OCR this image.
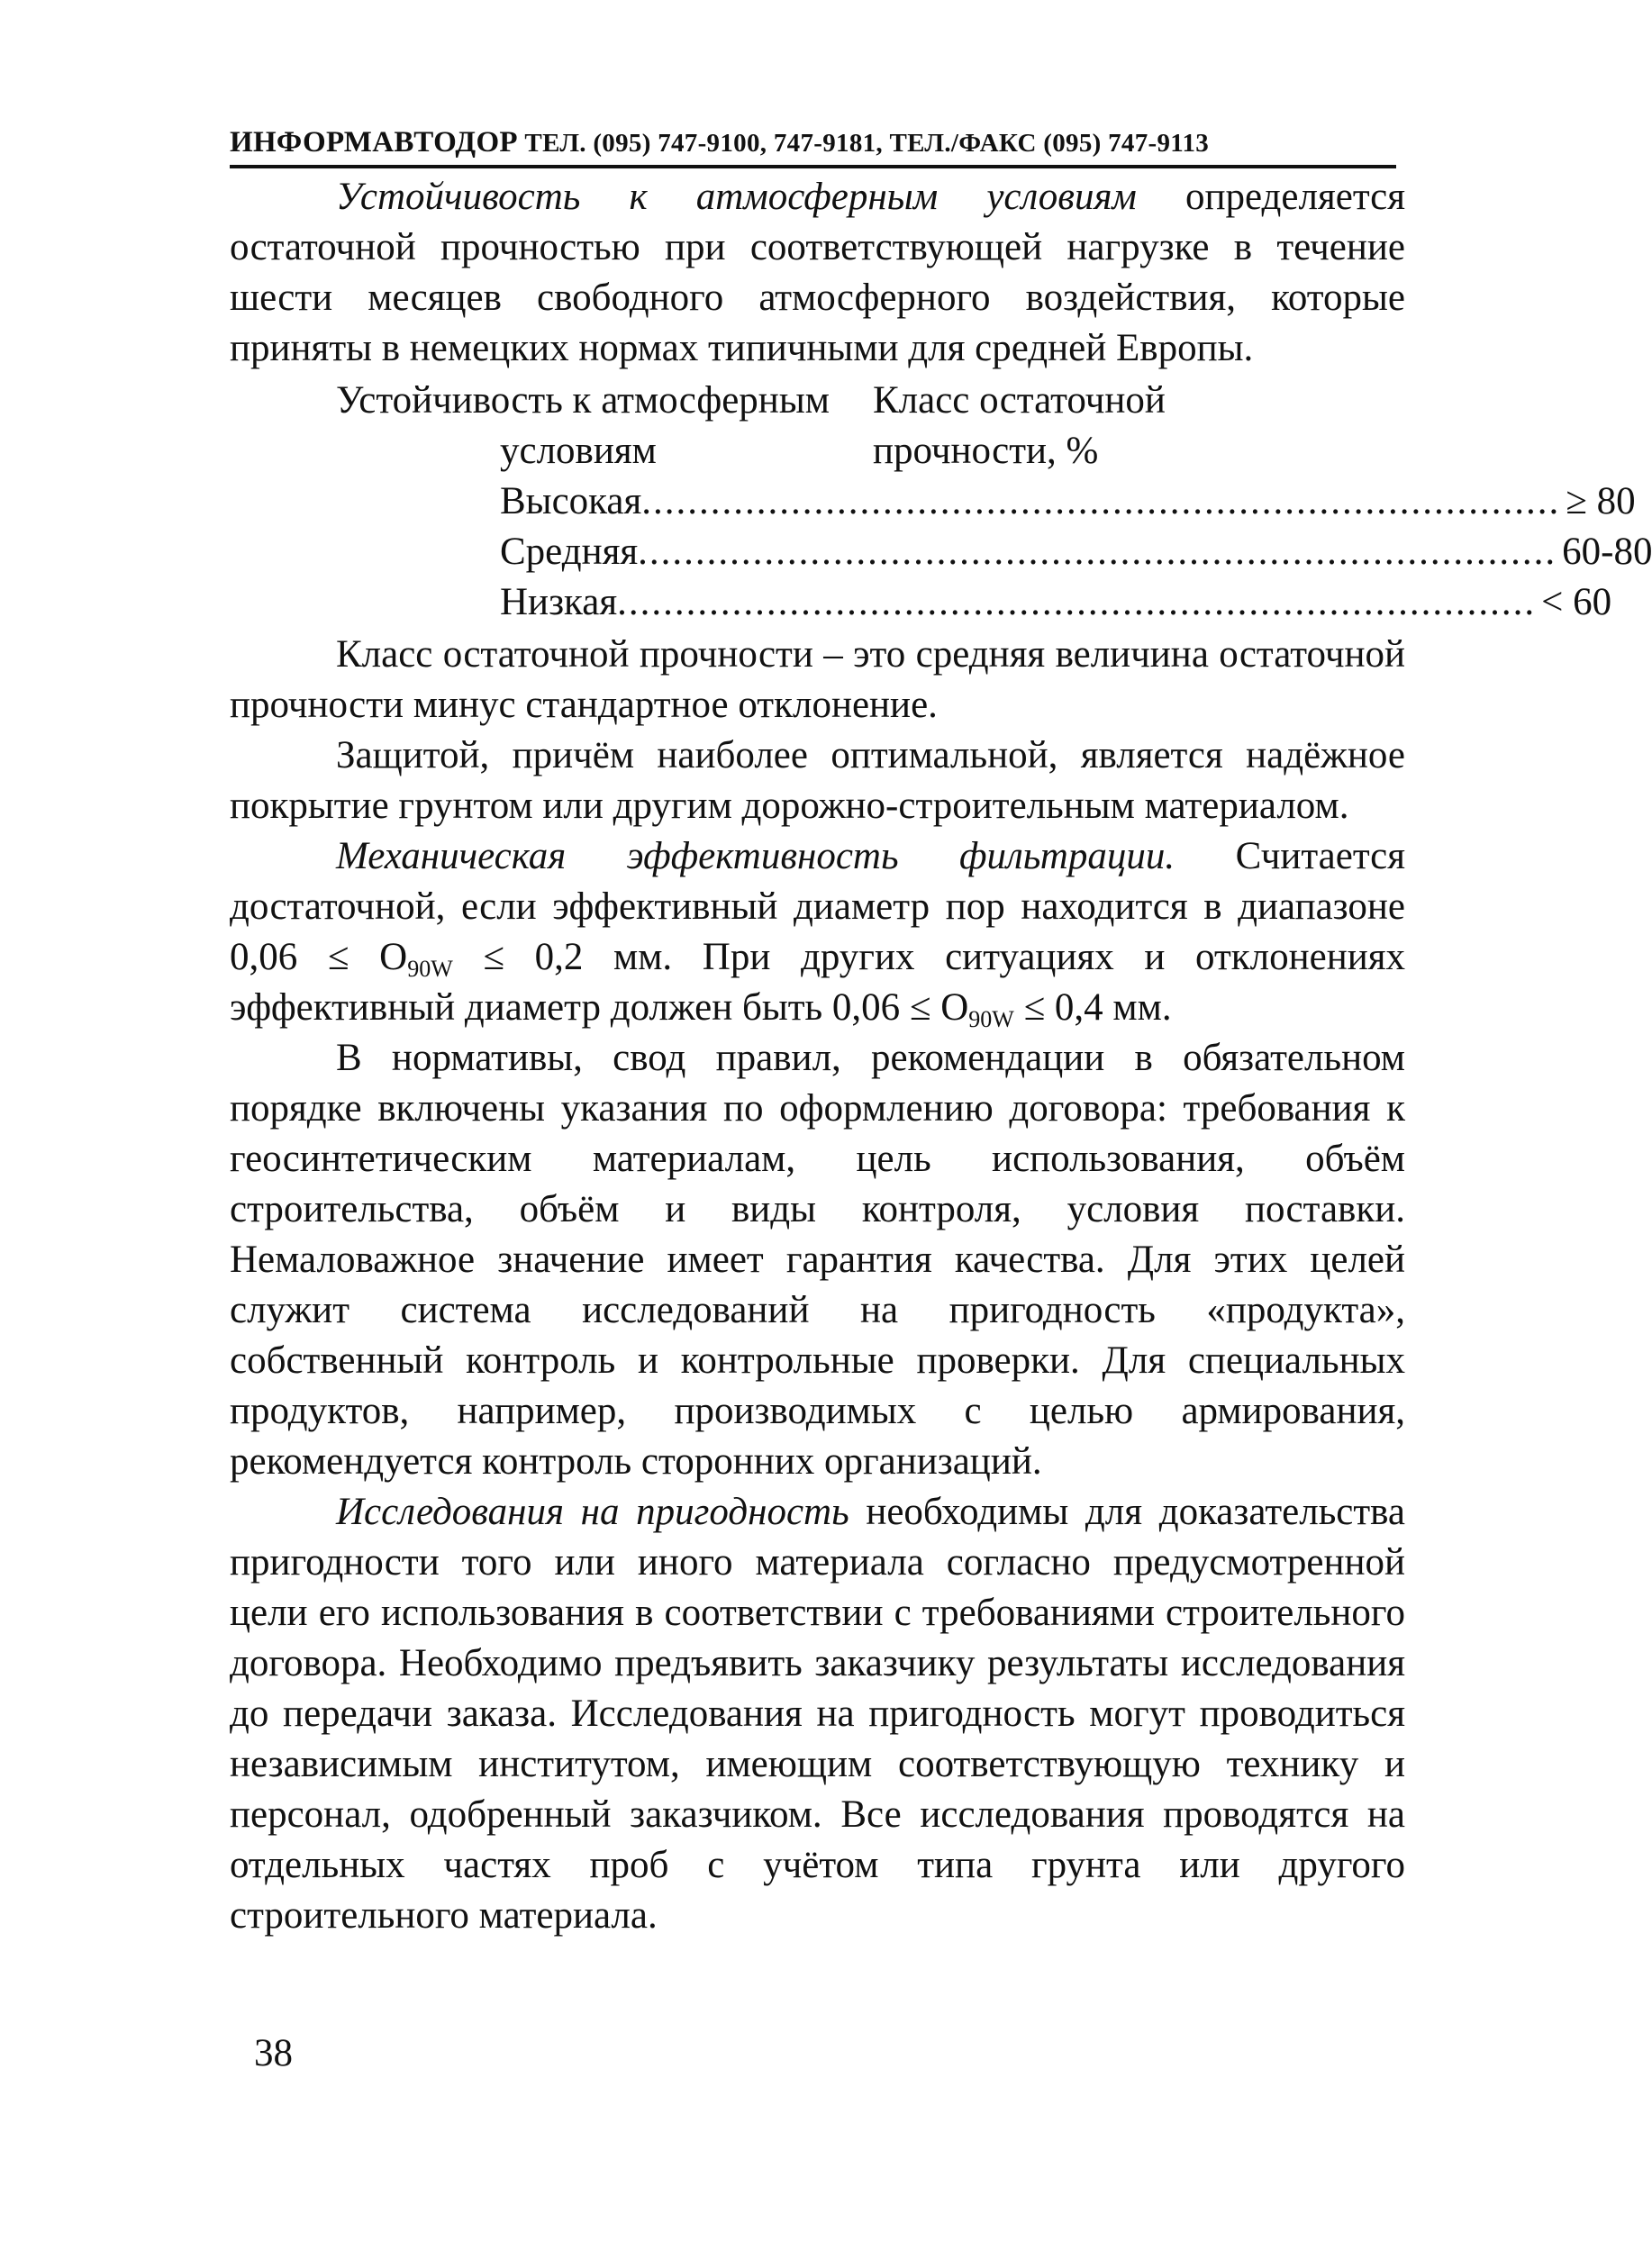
ИНФОРМАВТОДОР ТЕЛ. (095) 747-9100, 747-9181, ТЕЛ./ФАКС (095) 747-9113

Устойчивость к атмосферным условиям определяется остаточной прочностью при соответствующей нагрузке в течение шести месяцев свободного атмосферного воздействия, которые приняты в немецких нормах типичными для средней Европы.

Устойчивость к атмосферным	Класс остаточной
условиям	прочности, %
Высокая ................................................................................ ≥ 80
Средняя ................................................................................ 60-80
Низкая ................................................................................ < 60

Класс остаточной прочности – это средняя величина остаточной прочности минус стандартное отклонение.

Защитой, причём наиболее оптимальной, является надёжное покрытие грунтом или другим дорожно-строительным материалом.

Механическая эффективность фильтрации. Считается достаточной, если эффективный диаметр пор находится в диапазоне $0,06 \le O_{90W} \le 0,2$ мм. При других ситуациях и отклонениях эффективный диаметр должен быть $0,06 \le O_{90W} \le 0,4$ мм.

В нормативы, свод правил, рекомендации в обязательном порядке включены указания по оформлению договора: требования к геосинтетическим материалам, цель использования, объём строительства, объём и виды контроля, условия поставки. Немаловажное значение имеет гарантия качества. Для этих целей служит система исследований на пригодность «продукта», собственный контроль и контрольные проверки. Для специальных продуктов, например, производимых с целью армирования, рекомендуется контроль сторонних организаций.

Исследования на пригодность необходимы для доказательства пригодности того или иного материала согласно предусмотренной цели его использования в соответствии с требованиями строительного договора. Необходимо предъявить заказчику результаты исследования до передачи заказа. Исследования на пригодность могут проводиться независимым институтом, имеющим соответствующую технику и персонал, одобренный заказчиком. Все исследования проводятся на отдельных частях проб с учётом типа грунта или другого строительного материала.

38
